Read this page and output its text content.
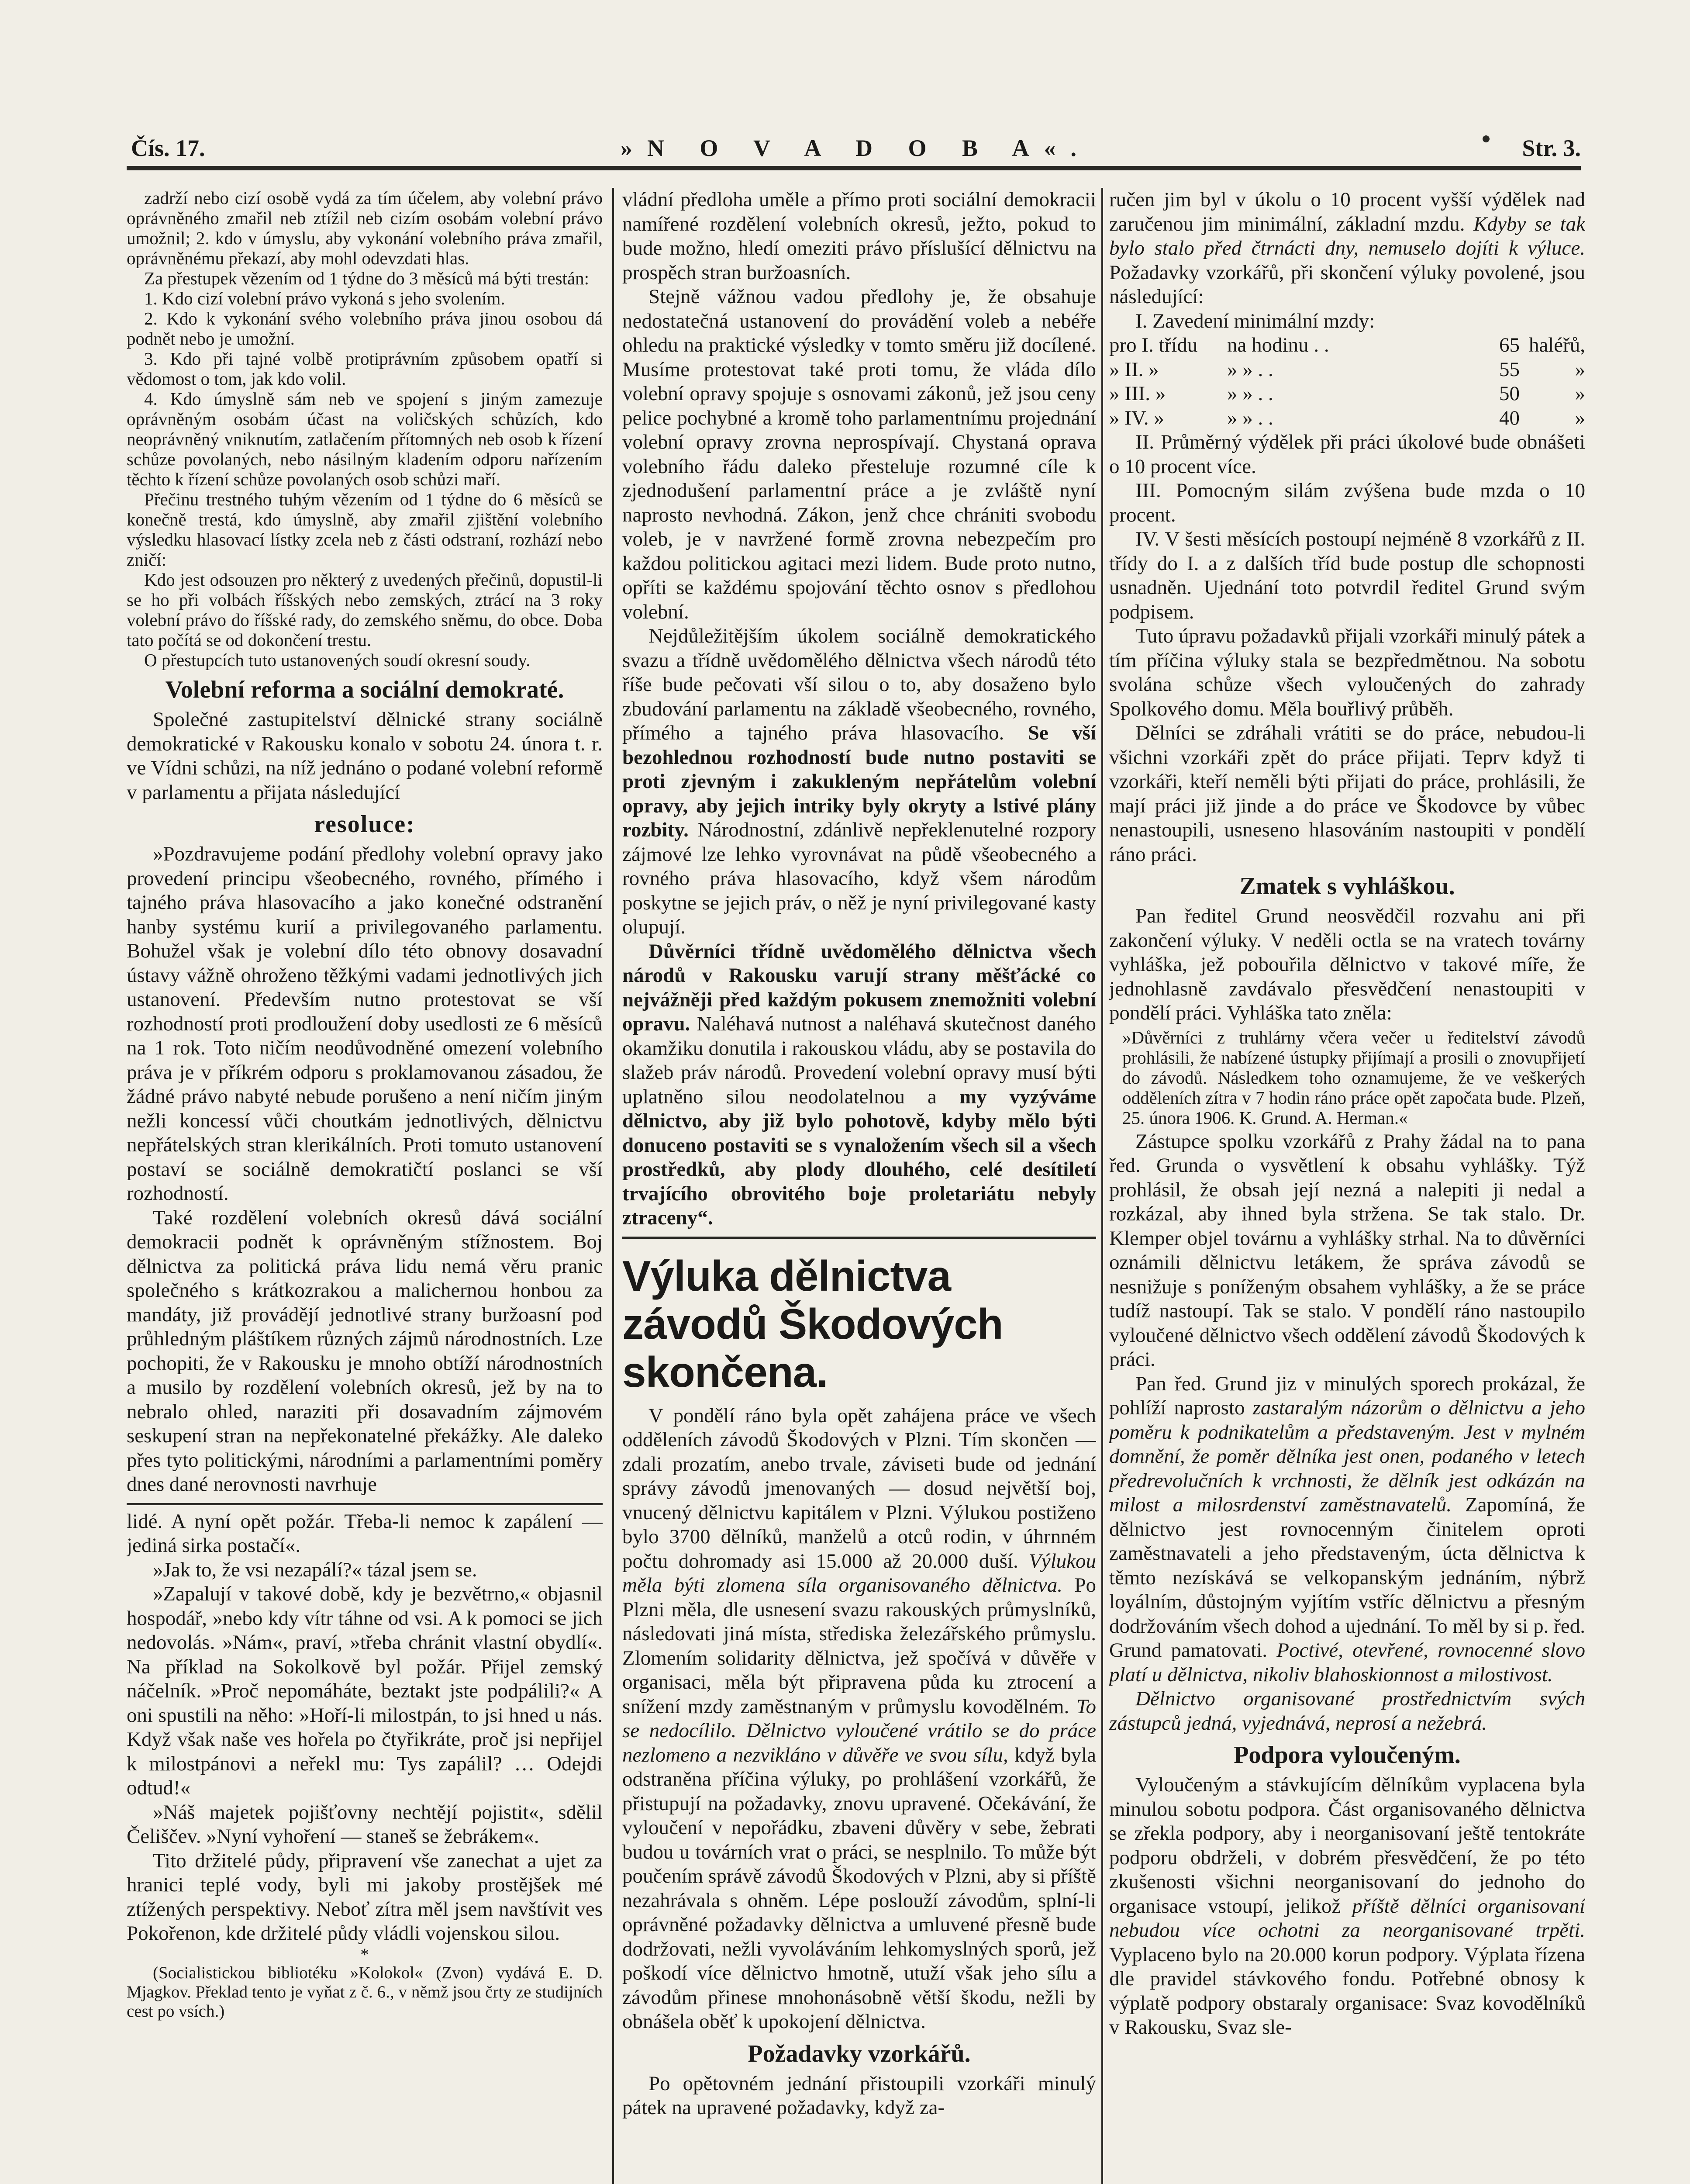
Čís. 17.	»N O V A D O B A«.	Str. 3.

zadrží nebo cizí osobě vydá za tím účelem, aby volební právo oprávněného zmařil neb ztížil neb cizím osobám volební právo umožnil; 2. kdo v úmyslu, aby vykonání volebního práva zmařil, oprávněnému překazí, aby mohl odevzdati hlas.

Za přestupek vězením od 1 týdne do 3 měsíců má býti trestán:

1. Kdo cizí volební právo vykoná s jeho svolením.

2. Kdo k vykonání svého volebního práva jinou osobou dá podnět nebo je umožní.

3. Kdo při tajné volbě protiprávním způsobem opatří si vědomost o tom, jak kdo volil.

4. Kdo úmyslně sám neb ve spojení s jiným zamezuje oprávněným osobám účast na voličských schůzích, kdo neoprávněný vniknutím, zatlačením přítomných neb osob k řízení schůze povolaných, nebo násilným kladením odporu nařízením těchto k řízení schůze povolaných osob schůzi maří.

Přečinu trestného tuhým vězením od 1 týdne do 6 měsíců se konečně trestá, kdo úmyslně, aby zmařil zjištění volebního výsledku hlasovací lístky zcela neb z části odstraní, rozhází nebo zničí:

Kdo jest odsouzen pro některý z uvedených přečinů, dopustil-li se ho při volbách říšských nebo zemských, ztrácí na 3 roky volební právo do říšské rady, do zemského sněmu, do obce. Doba tato počítá se od dokončení trestu.

O přestupcích tuto ustanovených soudí okresní soudy.

Volební reforma a sociální demokraté.

Společné zastupitelství dělnické strany sociálně demokratické v Rakousku konalo v sobotu 24. února t. r. ve Vídni schůzi, na níž jednáno o podané volební reformě v parlamentu a přijata následující

resoluce:

»Pozdravujeme podání předlohy volební opravy jako provedení principu všeobecného, rovného, přímého i tajného práva hlasovacího a jako konečné odstranění hanby systému kurií a privilegovaného parlamentu. Bohužel však je volební dílo této obnovy dosavadní ústavy vážně ohroženo těžkými vadami jednotlivých jich ustanovení. Především nutno protestovat se vší rozhodností proti prodloužení doby usedlosti ze 6 měsíců na 1 rok. Toto ničím neodůvodněné omezení volebního práva je v příkrém odporu s proklamovanou zásadou, že žádné právo nabyté nebude porušeno a není ničím jiným nežli koncessí vůči choutkám jednotlivých, dělnictvu nepřátelských stran klerikálních. Proti tomuto ustanovení postaví se sociálně demokratičtí poslanci se vší rozhodností.

Také rozdělení volebních okresů dává sociální demokracii podnět k oprávněným stížnostem. Boj dělnictva za politická práva lidu nemá věru pranic společného s krátkozrakou a malichernou honbou za mandáty, již provádějí jednotlivé strany buržoasní pod průhledným pláštíkem různých zájmů národnostních. Lze pochopiti, že v Rakousku je mnoho obtíží národnostních a musilo by rozdělení volebních okresů, jež by na to nebralo ohled, naraziti při dosavadním zájmovém seskupení stran na nepřekonatelné překážky. Ale daleko přes tyto politickými, národními a parlamentními poměry dnes dané nerovnosti navrhuje

lidé. A nyní opět požár. Třeba-li nemoc k zapálení — jediná sirka postačí«.

»Jak to, že vsi nezapálí?« tázal jsem se.

»Zapalují v takové době, kdy je bezvětrno,« objasnil hospodář, »nebo kdy vítr táhne od vsi. A k pomoci se jich nedovolás. »Nám«, praví, »třeba chránit vlastní obydlí«. Na příklad na Sokolkově byl požár. Přijel zemský náčelník. »Proč nepomáháte, beztakt jste podpálili?« A oni spustili na něho: »Hoří-li milostpán, to jsi hned u nás. Když však naše ves hořela po čtyřikráte, proč jsi nepřijel k milostpánovi a neřekl mu: Tys zapálil? … Odejdi odtud!«

»Náš majetek pojišťovny nechtějí pojistit«, sdělil Čeliščev. »Nyní vyhoření — staneš se žebrákem«.

Tito držitelé půdy, připravení vše zanechat a ujet za hranici teplé vody, byli mi jakoby prostějšek mé ztížených perspektivy. Neboť zítra měl jsem navštívit ves Pokořenon, kde držitelé půdy vládli vojenskou silou.

*

(Socialistickou bibliotéku »Kolokol« (Zvon) vydává E. D. Mjagkov. Překlad tento je vyňat z č. 6., v němž jsou črty ze studijních cest po vsích.)

vládní předloha uměle a přímo proti sociální demokracii namířené rozdělení volebních okresů, ježto, pokud to bude možno, hledí omeziti právo příslušící dělnictvu na prospěch stran buržoasních.

Stejně vážnou vadou předlohy je, že obsahuje nedostatečná ustanovení do provádění voleb a nebéře ohledu na praktické výsledky v tomto směru již docílené. Musíme protestovat také proti tomu, že vláda dílo volební opravy spojuje s osnovami zákonů, jež jsou ceny pelice pochybné a kromě toho parlamentnímu projednání volební opravy zrovna neprospívají. Chystaná oprava volebního řádu daleko přesteluje rozumné cíle k zjednodušení parlamentní práce a je zvláště nyní naprosto nevhodná. Zákon, jenž chce chrániti svobodu voleb, je v navržené formě zrovna nebezpečím pro každou politickou agitaci mezi lidem. Bude proto nutno, opříti se každému spojování těchto osnov s předlohou volební.

Nejdůležitějším úkolem sociálně demokratického svazu a třídně uvědomělého dělnictva všech národů této říše bude pečovati vší silou o to, aby dosaženo bylo zbudování parlamentu na základě všeobecného, rovného, přímého a tajného práva hlasovacího. Se vší bezohlednou rozhodností bude nutno postaviti se proti zjevným i zakukleným nepřátelům volební opravy, aby jejich intriky byly okryty a lstivé plány rozbity. Národnostní, zdánlivě nepřeklenutelné rozpory zájmové lze lehko vyrovnávat na půdě všeobecného a rovného práva hlasovacího, když všem národům poskytne se jejich práv, o něž je nyní privilegované kasty olupují.

Důvěrníci třídně uvědomělého dělnictva všech národů v Rakousku varují strany měšťácké co nejvážněji před každým pokusem znemožniti volební opravu. Naléhavá nutnost a naléhavá skutečnost daného okamžiku donutila i rakouskou vládu, aby se postavila do slažeb práv národů. Provedení volební opravy musí býti uplatněno silou neodolatelnou a my vyzýváme dělnictvo, aby již bylo pohotově, kdyby mělo býti donuceno postaviti se s vynaložením všech sil a všech prostředků, aby plody dlouhého, celé desítiletí trvajícího obrovitého boje proletariátu nebyly ztraceny“.

Výluka dělnictva závodů Škodových skončena.

V pondělí ráno byla opět zahájena práce ve všech odděleních závodů Škodových v Plzni. Tím skončen — zdali prozatím, anebo trvale, záviseti bude od jednání správy závodů jmenovaných — dosud největší boj, vnucený dělnictvu kapitálem v Plzni. Výlukou postiženo bylo 3700 dělníků, manželů a otců rodin, v úhrnném počtu dohromady asi 15.000 až 20.000 duší. Výlukou měla býti zlomena síla organisovaného dělnictva. Po Plzni měla, dle usnesení svazu rakouských průmyslníků, následovati jiná místa, střediska železářského průmyslu. Zlomením solidarity dělnictva, jež spočívá v důvěře v organisaci, měla být připravena půda ku ztrocení a snížení mzdy zaměstnaným v průmyslu kovodělném. To se nedocílilo. Dělnictvo vyloučené vrátilo se do práce nezlomeno a nezviklánо v důvěře ve svou sílu, když byla odstraněna příčina výluky, po prohlášení vzorkářů, že přistupují na požadavky, znovu upravené. Očekávání, že vyloučení v nepořádku, zbaveni důvěry v sebe, žebrati budou u továrních vrat o práci, se nesplnilo. To může být poučením správě závodů Škodových v Plzni, aby si příště nezahrávala s ohněm. Lépe poslouží závodům, splní-li oprávněné požadavky dělnictva a umluvené přesně bude dodržovati, nežli vyvoláváním lehkomyslných sporů, jež poškodí více dělnictvo hmotně, utuží však jeho sílu a závodům přinese mnohonásobně větší škodu, nežli by obnášela oběť k upokojení dělnictva.

Požadavky vzorkářů.

Po opětovném jednání přistoupili vzorkáři minulý pátek na upravené požadavky, když za-

ručen jim byl v úkolu o 10 procent vyšší výdělek nad zaručenou jim minimální, základní mzdu. Kdyby se tak bylo stalo před čtrnácti dny, nemuselo dojíti k výluce. Požadavky vzorkářů, při skončení výluky povolené, jsou následující:

I. Zavedení minimální mzdy:

pro I. třídu	na hodinu . .	65 haléřů,

» II. »	» » . .	55	»

» III. »	» » . .	50	»

» IV. »	» » . .	40	»

II. Průměrný výdělek při práci úkolové bude obnášeti o 10 procent více.

III. Pomocným silám zvýšena bude mzda o 10 procent.

IV. V šesti měsících postoupí nejméně 8 vzorkářů z II. třídy do I. a z dalších tříd bude postup dle schopnosti usnadněn. Ujednání toto potvrdil ředitel Grund svým podpisem.

Tuto úpravu požadavků přijali vzorkáři minulý pátek a tím příčina výluky stala se bezpředmětnou. Na sobotu svolána schůze všech vyloučených do zahrady Spolkového domu. Měla bouřlivý průběh.

Dělníci se zdráhali vrátiti se do práce, nebudou-li všichni vzorkáři zpět do práce přijati. Teprv když ti vzorkáři, kteří neměli býti přijati do práce, prohlásili, že mají práci již jinde a do práce ve Škodovce by vůbec nenastoupili, usneseno hlasováním nastoupiti v pondělí ráno práci.

Zmatek s vyhláškou.

Pan ředitel Grund neosvědčil rozvahu ani při zakončení výluky. V neděli octla se na vratech továrny vyhláška, jež pobouřila dělnictvo v takové míře, že jednohlasně zavdávalo přesvědčení nenastoupiti v pondělí práci. Vyhláška tato zněla:

»Důvěrníci z truhlárny včera večer u ředitelství závodů prohlásili, že nabízené ústupky přijímají a prosili o znovupřijetí do závodů. Následkem toho oznamujeme, že ve veškerých odděleních zítra v 7 hodin ráno práce opět započata bude. Plzeň, 25. února 1906. K. Grund. A. Herman.«

Zástupce spolku vzorkářů z Prahy žádal na to pana řed. Grunda o vysvětlení k obsahu vyhlášky. Týž prohlásil, že obsah její nezná a nalepiti ji nedal a rozkázal, aby ihned byla stržena. Se tak stalo. Dr. Klemper objel továrnu a vyhlášky strhal. Na to důvěrníci oznámili dělnictvu letákem, že správa závodů se nesnižuje s poníženým obsahem vyhlášky, a že se práce tudíž nastoupí. Tak se stalo. V pondělí ráno nastoupilo vyloučené dělnictvo všech oddělení závodů Škodových k práci.

Pan řed. Grund jiz v minulých sporech prokázal, že pohlíží naprosto zastaralým názorům o dělnictvu a jeho poměru k podnikatelům a představeným. Jest v mylném domnění, že poměr dělníka jest onen, podaného v letech předrevolučních k vrchnosti, že dělník jest odkázán na milost a milosrdenství zaměstnavatelů. Zapomíná, že dělnictvo jest rovnocenným činitelem oproti zaměstnavateli a jeho představeným, úcta dělnictva k těmto nezískává se velkopanským jednáním, nýbrž loyálním, důstojným vyjítím vstříc dělnictvu a přesným dodržováním všech dohod a ujednání. To měl by si p. řed. Grund pamatovati. Poctivé, otevřené, rovnocenné slovo platí u dělnictva, nikoliv blahoskionnost a milostivost.

Dělnictvo organisované prostřednictvím svých zástupců jedná, vyjednává, neprosí a nežebrá.

Podpora vyloučeným.

Vyloučeným a stávkujícím dělníkům vyplacena byla minulou sobotu podpora. Část organisovaného dělnictva se zřekla podpory, aby i neorganisovaní ještě tentokráte podporu obdrželi, v dobrém přesvědčení, že po této zkušenosti všichni neorganisovaní do jednoho do organisace vstoupí, jelikož příště dělníci organisovaní nebudou více ochotni za neorganisované trpěti. Vyplaceno bylo na 20.000 korun podpory. Výplata řízena dle pravidel stávkového fondu. Potřebné obnosy k výplatě podpory obstaraly organisace: Svaz kovodělníků v Rakousku, Svaz sle-
